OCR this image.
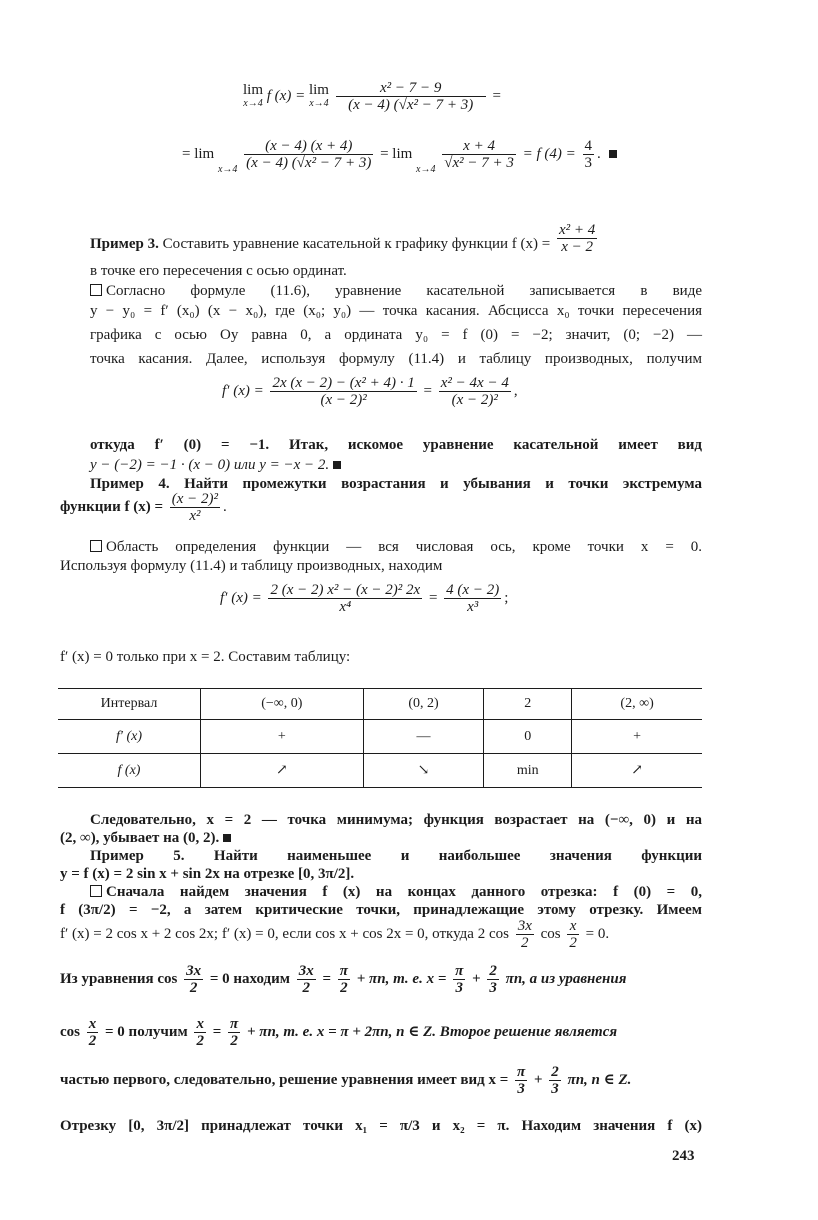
lim
x→4 f (x) = lim
x→4
$\frac{\text{x² − 7 − 9}}{\text{(x − 4) (√x² − 7 + 3)}}$ =
= lim
x→4
$\frac{(x - 4) (x + 4)}{\text{(x − 4) (√x² − 7 + 3)}} = \lim$
x→4
$\frac{x + 4}{\text{√x² − 7 + 3}} = f$ $(4) = \frac{4}{3}$ .
Пример 3. Составить уравнение касательной к графику функции f $(x) = \frac{\text{x² + 4}}{x - 2}$
в точке его пересечения с осью ординат.
Согласно формуле (11.6), уравнение касательной записывается в виде
y − y₀ = f′ (x₀) (x − x₀), где (x₀; y₀) — точка касания. Абсцисса x₀ точки пересечения
графика с осью Oy равна 0, а ордината y₀ = f (0) = −2; значит, (0; −2) —
точка касания. Далее, используя формулу (11.4) и таблицу производных, получим
f′ $(x) = \frac{\text{2x (x − 2) − (x² + 4) · 1}}{\text{(x − 2)²}} = \frac{\text{x² − 4x − 4}}{\text{(x − 2)²}}$ ,
откуда f′ (0) = −1. Итак, искомое уравнение касательной имеет вид
y − (−2) = −1 · (x − 0) или y = −x − 2.
Пример 4. Найти промежутки возрастания и убывания и точки экстремума
функции f $(x) = \frac{\text{(x − 2)²}}{\text{x²}}$ .
Область определения функции — вся числовая ось, кроме точки x = 0.
Используя формулу (11.4) и таблицу производных, находим
f′ $(x) = \frac{\text{2 (x − 2) x² − (x − 2)² 2x}}{\text{x⁴}} = \frac{4 (x - 2)}{\text{x³}}$ ;
f′ (x) = 0 только при x = 2. Составим таблицу:
Интервал	(−∞, 0)	(0, 2)	2	(2, ∞)
f′ (x)	+	—	0	+
f (x)	↗	↘	min	↗
Следовательно, x = 2 — точка минимума; функция возрастает на (−∞, 0) и на
(2, ∞), убывает на (0, 2).
Пример 5. Найти наименьшее и наибольшее значения функции
y = f (x) = 2 sin x + sin 2x на отрезке [0, 3π/2].
Сначала найдем значения f (x) на концах данного отрезка: f (0) = 0,
f (3π/2) = −2, а затем критические точки, принадлежащие этому отрезку. Имеем
f′ (x) = 2 cos x + 2 cos 2x; f′ (x) = 0, если cos x + cos 2x = 0, откуда 2 $\cos \frac{3x}{2}$ $\cos \frac{x}{2} = 0$.
Из уравнения $\cos \frac{3x}{2} = 0$ находим $\frac{3x}{2} = \frac{\pi}{2} + \pi n$, т. е. $x = \frac{\pi}{3} + \frac{2}{3} \pi n$, а из уравнения
$\cos \frac{x}{2} = 0$ получим $\frac{x}{2} = \frac{\pi}{2} + \pi n$, т. е. x = π + 2πn, n ∈ Z. Второе решение является
частью первого, следовательно, решение уравнения имеет вид $x = \frac{\pi}{3} + \frac{2}{3} \pi n$, n ∈ Z.
Отрезку [0, 3π/2] принадлежат точки x₁ = π/3 и x₂ = π. Находим значения f (x)
243
